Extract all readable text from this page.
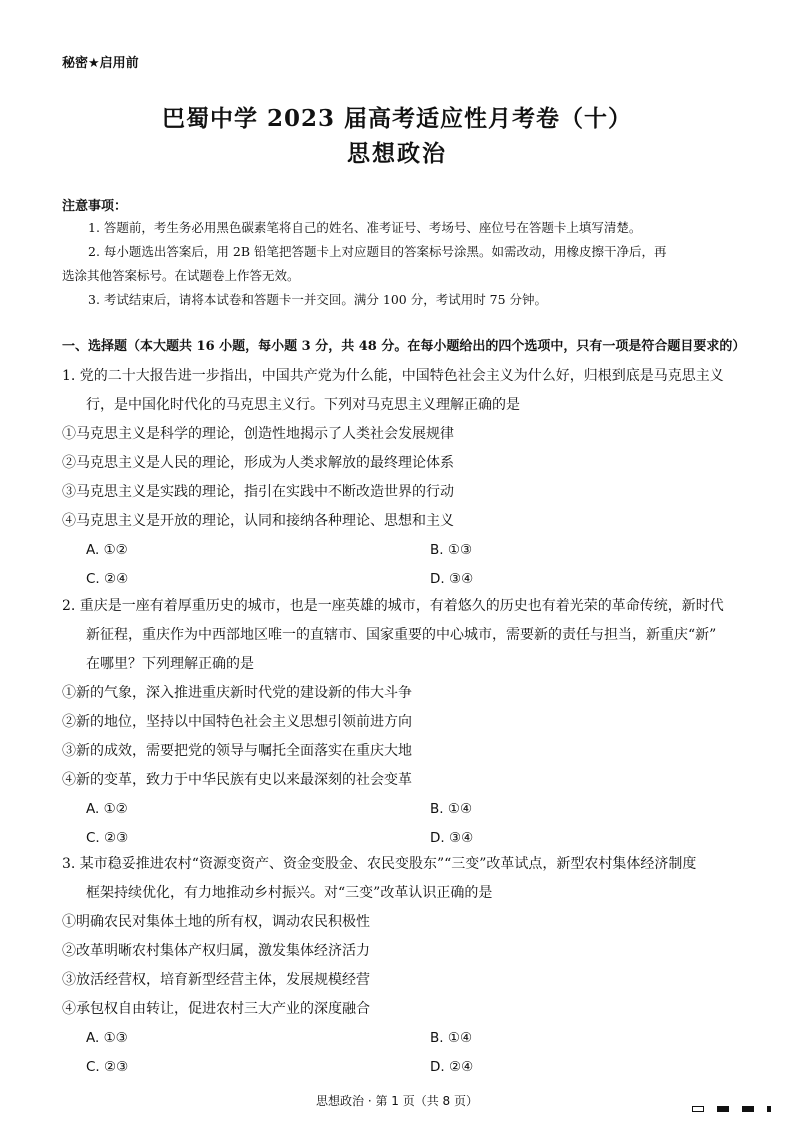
秘密★启用前
巴蜀中学 2023 届高考适应性月考卷（十）
思想政治
注意事项：
1. 答题前，考生务必用黑色碳素笔将自己的姓名、准考证号、考场号、座位号在答题卡上填写清楚。
2. 每小题选出答案后，用 2B 铅笔把答题卡上对应题目的答案标号涂黑。如需改动，用橡皮擦干净后，再
选涂其他答案标号。在试题卷上作答无效。
3. 考试结束后，请将本试卷和答题卡一并交回。满分 100 分，考试用时 75 分钟。
一、选择题（本大题共 16 小题，每小题 3 分，共 48 分。在每小题给出的四个选项中，只有一项是符合题目要求的）
1. 党的二十大报告进一步指出，中国共产党为什么能，中国特色社会主义为什么好，归根到底是马克思主义
行，是中国化时代化的马克思主义行。下列对马克思主义理解正确的是
①马克思主义是科学的理论，创造性地揭示了人类社会发展规律
②马克思主义是人民的理论，形成为人类求解放的最终理论体系
③马克思主义是实践的理论，指引在实践中不断改造世界的行动
④马克思主义是开放的理论，认同和接纳各种理论、思想和主义
A. ①②	B. ①③
C. ②④	D. ③④
2. 重庆是一座有着厚重历史的城市，也是一座英雄的城市，有着悠久的历史也有着光荣的革命传统，新时代
新征程，重庆作为中西部地区唯一的直辖市、国家重要的中心城市，需要新的责任与担当，新重庆“新”
在哪里？下列理解正确的是
①新的气象，深入推进重庆新时代党的建设新的伟大斗争
②新的地位，坚持以中国特色社会主义思想引领前进方向
③新的成效，需要把党的领导与嘱托全面落实在重庆大地
④新的变革，致力于中华民族有史以来最深刻的社会变革
A. ①②	B. ①④
C. ②③	D. ③④
3. 某市稳妥推进农村“资源变资产、资金变股金、农民变股东”“三变”改革试点，新型农村集体经济制度
框架持续优化，有力地推动乡村振兴。对“三变”改革认识正确的是
①明确农民对集体土地的所有权，调动农民积极性
②改革明晰农村集体产权归属，激发集体经济活力
③放活经营权，培育新型经营主体，发展规模经营
④承包权自由转让，促进农村三大产业的深度融合
A. ①③	B. ①④
C. ②③	D. ②④
思想政治 · 第 1 页（共 8 页）
